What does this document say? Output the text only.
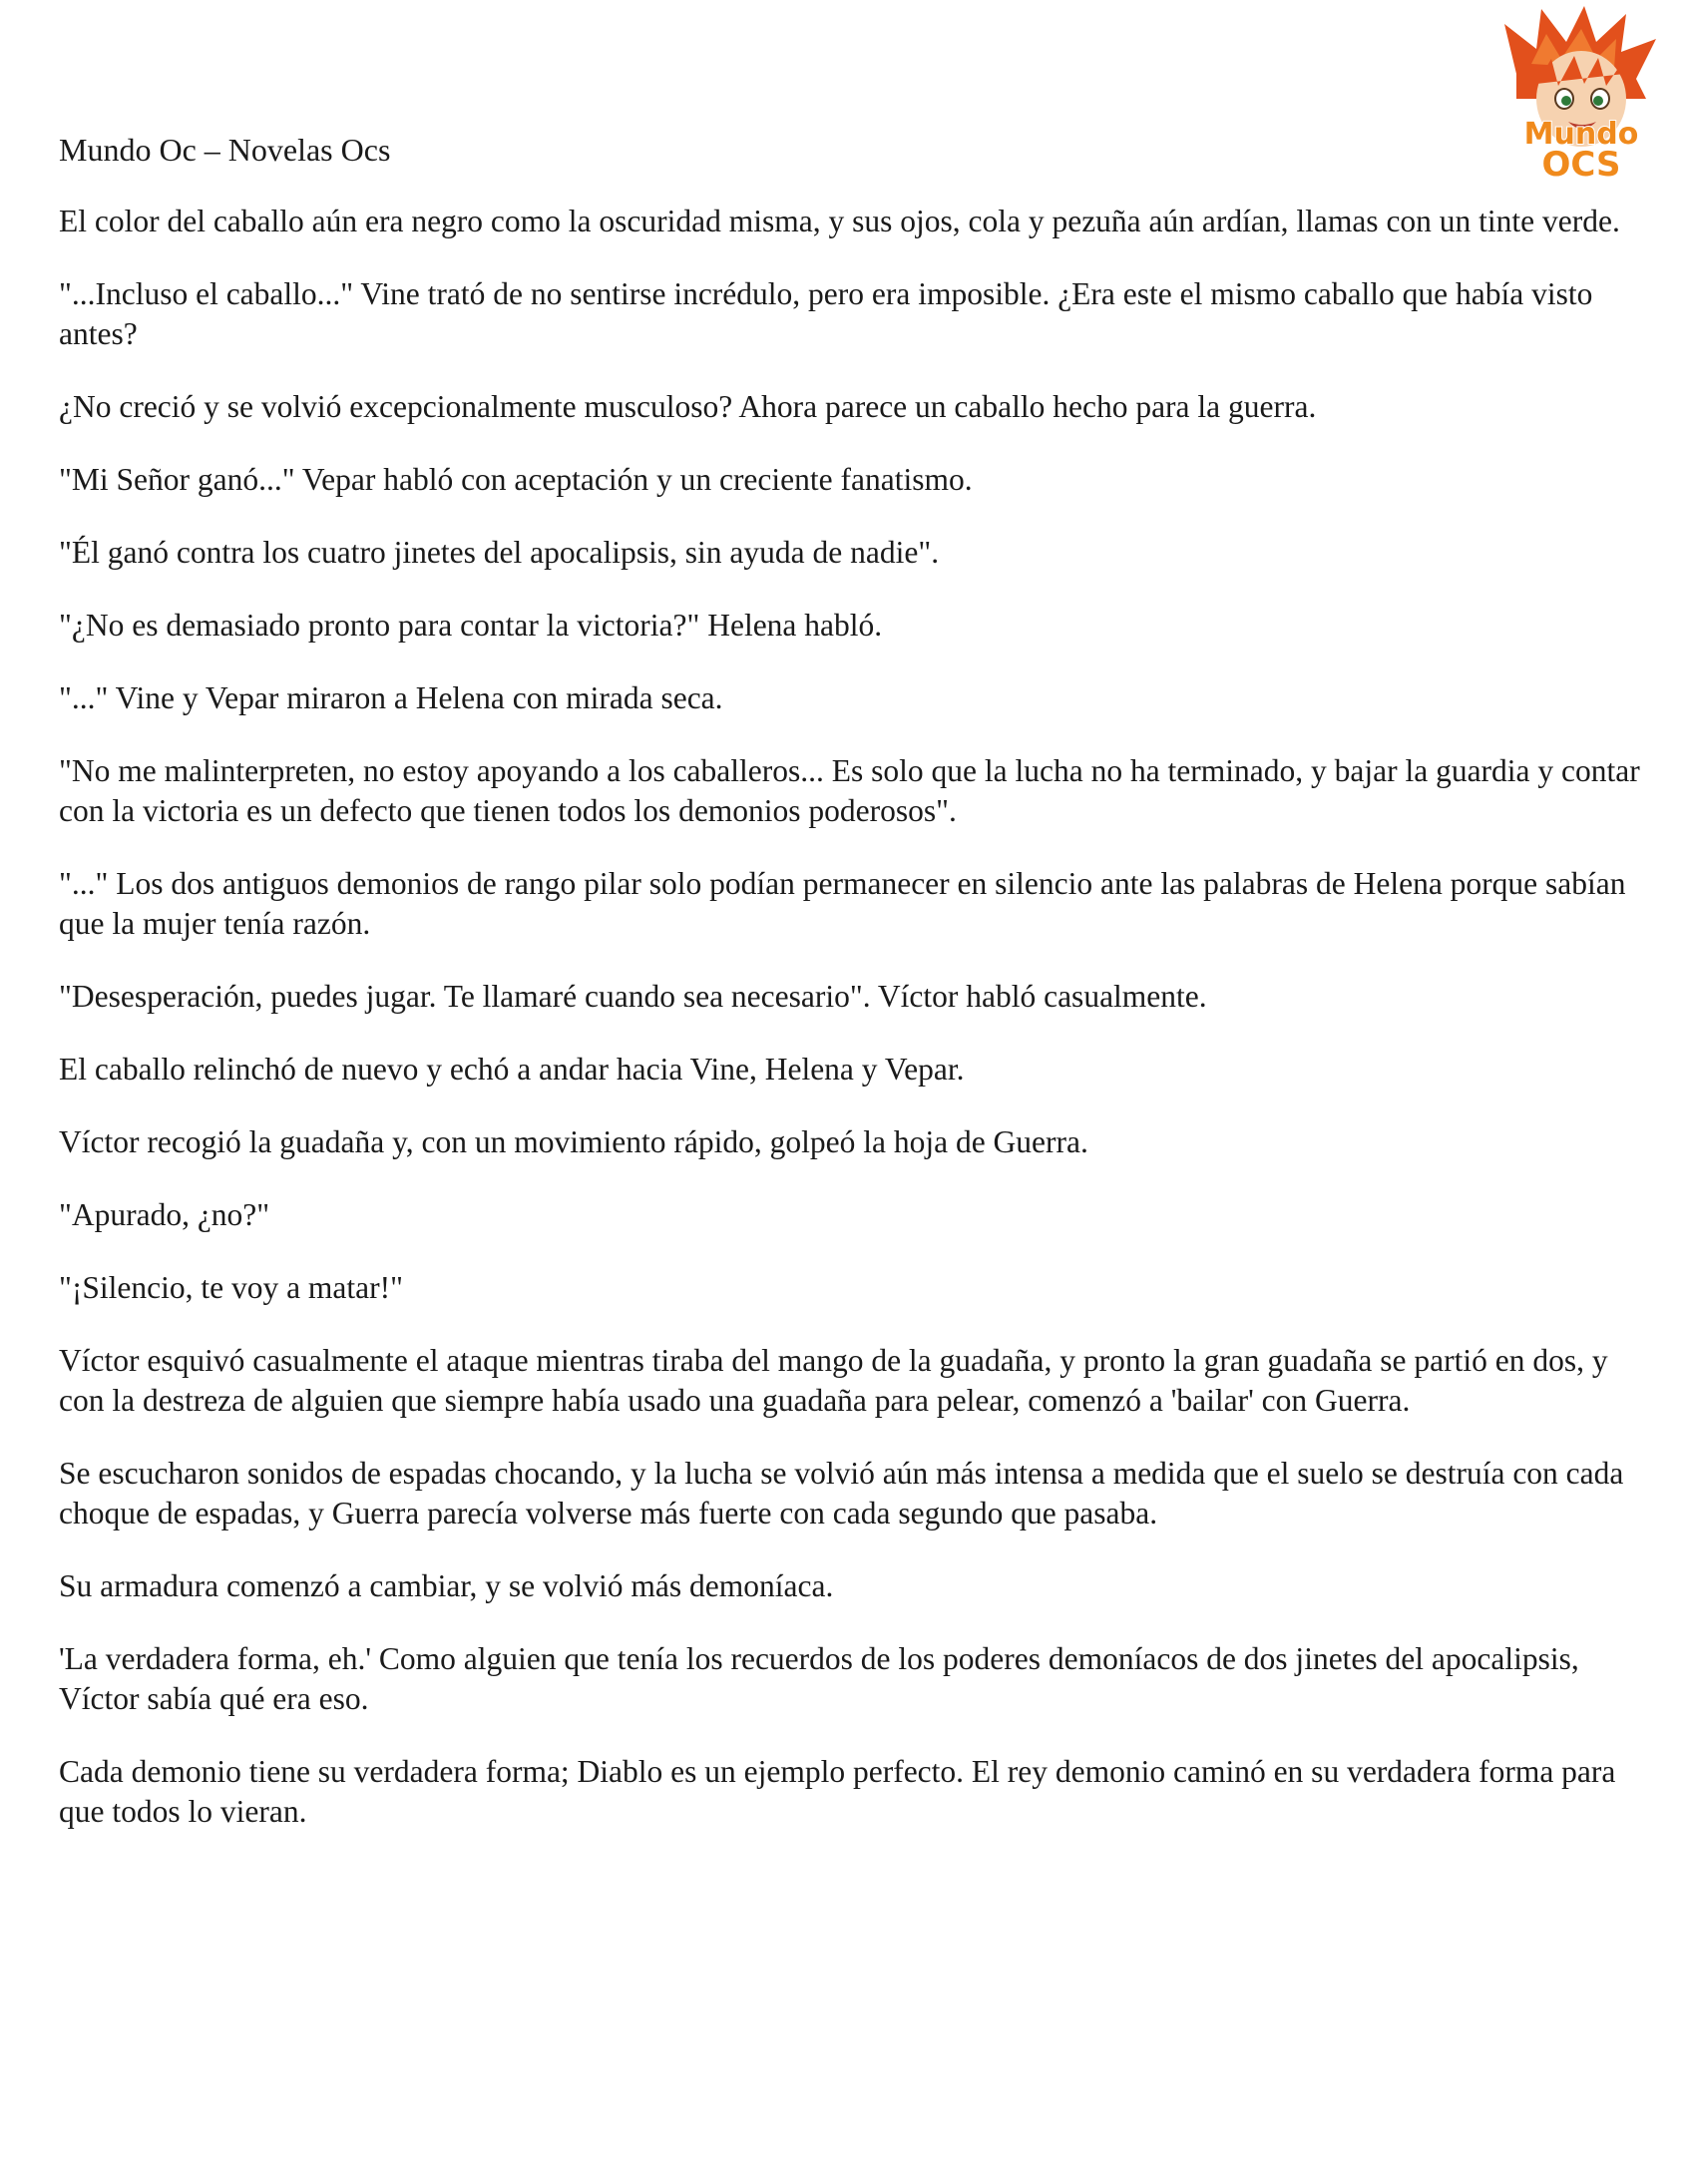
Mundo Oc – Novelas Ocs	Mundo
OCS

El color del caballo aún era negro como la oscuridad misma, y sus ojos, cola y pezuña aún ardían, llamas con un tinte verde.

"...Incluso el caballo..." Vine trató de no sentirse incrédulo, pero era imposible. ¿Era este el mismo caballo que había visto antes?

¿No creció y se volvió excepcionalmente musculoso? Ahora parece un caballo hecho para la guerra.

"Mi Señor ganó..." Vepar habló con aceptación y un creciente fanatismo.

"Él ganó contra los cuatro jinetes del apocalipsis, sin ayuda de nadie".

"¿No es demasiado pronto para contar la victoria?" Helena habló.

"..." Vine y Vepar miraron a Helena con mirada seca.

"No me malinterpreten, no estoy apoyando a los caballeros... Es solo que la lucha no ha terminado, y bajar la guardia y contar con la victoria es un defecto que tienen todos los demonios poderosos".

"..." Los dos antiguos demonios de rango pilar solo podían permanecer en silencio ante las palabras de Helena porque sabían que la mujer tenía razón.

"Desesperación, puedes jugar. Te llamaré cuando sea necesario". Víctor habló casualmente.

El caballo relinchó de nuevo y echó a andar hacia Vine, Helena y Vepar.

Víctor recogió la guadaña y, con un movimiento rápido, golpeó la hoja de Guerra.

"Apurado, ¿no?"

"¡Silencio, te voy a matar!"

Víctor esquivó casualmente el ataque mientras tiraba del mango de la guadaña, y pronto la gran guadaña se partió en dos, y con la destreza de alguien que siempre había usado una guadaña para pelear, comenzó a 'bailar' con Guerra.

Se escucharon sonidos de espadas chocando, y la lucha se volvió aún más intensa a medida que el suelo se destruía con cada choque de espadas, y Guerra parecía volverse más fuerte con cada segundo que pasaba.

Su armadura comenzó a cambiar, y se volvió más demoníaca.

'La verdadera forma, eh.' Como alguien que tenía los recuerdos de los poderes demoníacos de dos jinetes del apocalipsis, Víctor sabía qué era eso.

Cada demonio tiene su verdadera forma; Diablo es un ejemplo perfecto. El rey demonio caminó en su verdadera forma para que todos lo vieran.
